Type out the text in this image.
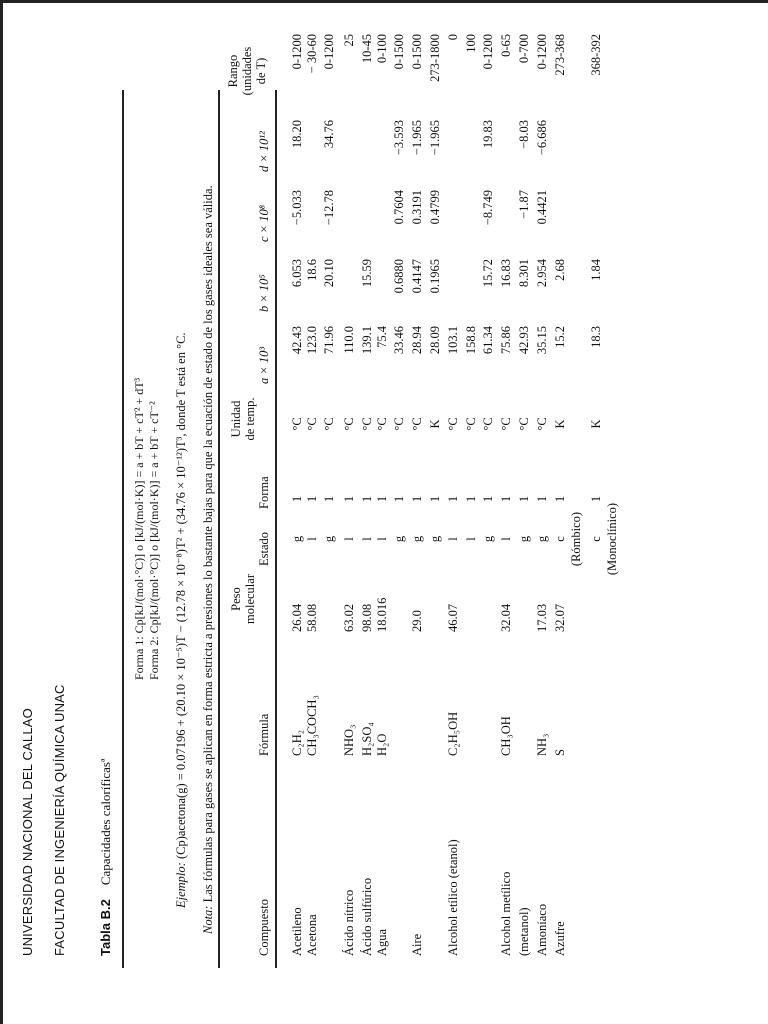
UNIVERSIDAD NACIONAL DEL CALLAO FACULTAD DE INGENIERÍA QUÍMICA UNAC Tabla B.2Capacidades caloríficasª
Forma 1: Cp[kJ/(mol·°C)] o [kJ/(mol·K)] = a + bT + cT² + dT³ Forma 2: Cp[kJ/(mol·°C)] o [kJ/(mol·K)] = a + bT + cT⁻²
Ejemplo: (Cp)acetona(g) = 0.07196 + (20.10 × 10⁻⁵)T − (12.78 × 10⁻⁸)T² + (34.76 × 10⁻¹²)T³, donde T está en °C.
Nota: Las fórmulas para gases se aplican en forma estricta a presiones lo bastante bajas para que la ecuación de estado de los gases ideales sea válida.
Compuesto
Fórmula
Peso molecular
Estado
Forma
Unidad de temp.
a × 10³
b × 10⁵
c × 10⁸
d × 10¹²
Rango (unidades de T)
Acetileno
C₂H₂
26.04
g
1
°C
42.43
6.053
−5.033
18.20
0-1200
Acetona
CH₃COCH₃
58.08
l
1
°C
123.0
18.6
− 30-60
g
1
°C
71.96
20.10
−12.78
34.76
0-1200
Ácido nítrico
NHO₃
63.02
l
1
°C
110.0
25
Ácido sulfúrico
H₂SO₄
98.08
l
1
°C
139.1
15.59
10-45
Agua
H₂O
18.016
l
1
°C
75.4
0-100
g
1
°C
33.46
0.6880
0.7604
−3.593
0-1500
Aire
29.0
g
1
°C
28.94
0.4147
0.3191
−1.965
0-1500
g
1
K
28.09
0.1965
0.4799
−1.965
273-1800
Alcohol etílico (etanol)
C₂H₅OH
46.07
l
1
°C
103.1
0
l
1
°C
158.8
100
g
1
°C
61.34
15.72
−8.749
19.83
0-1200
Alcohol metílico
CH₃OH
32.04
l
1
°C
75.86
16.83
0-65
(metanol)
g
1
°C
42.93
8.301
−1.87
−8.03
0-700
Amoníaco
NH₃
17.03
g
1
°C
35.15
2.954
0.4421
−6.686
0-1200
Azufre
S
32.07
c
1
K
15.2
2.68
273-368
(Rómbico) c
1
K
18.3
1.84
368-392
(Monoclínico)
